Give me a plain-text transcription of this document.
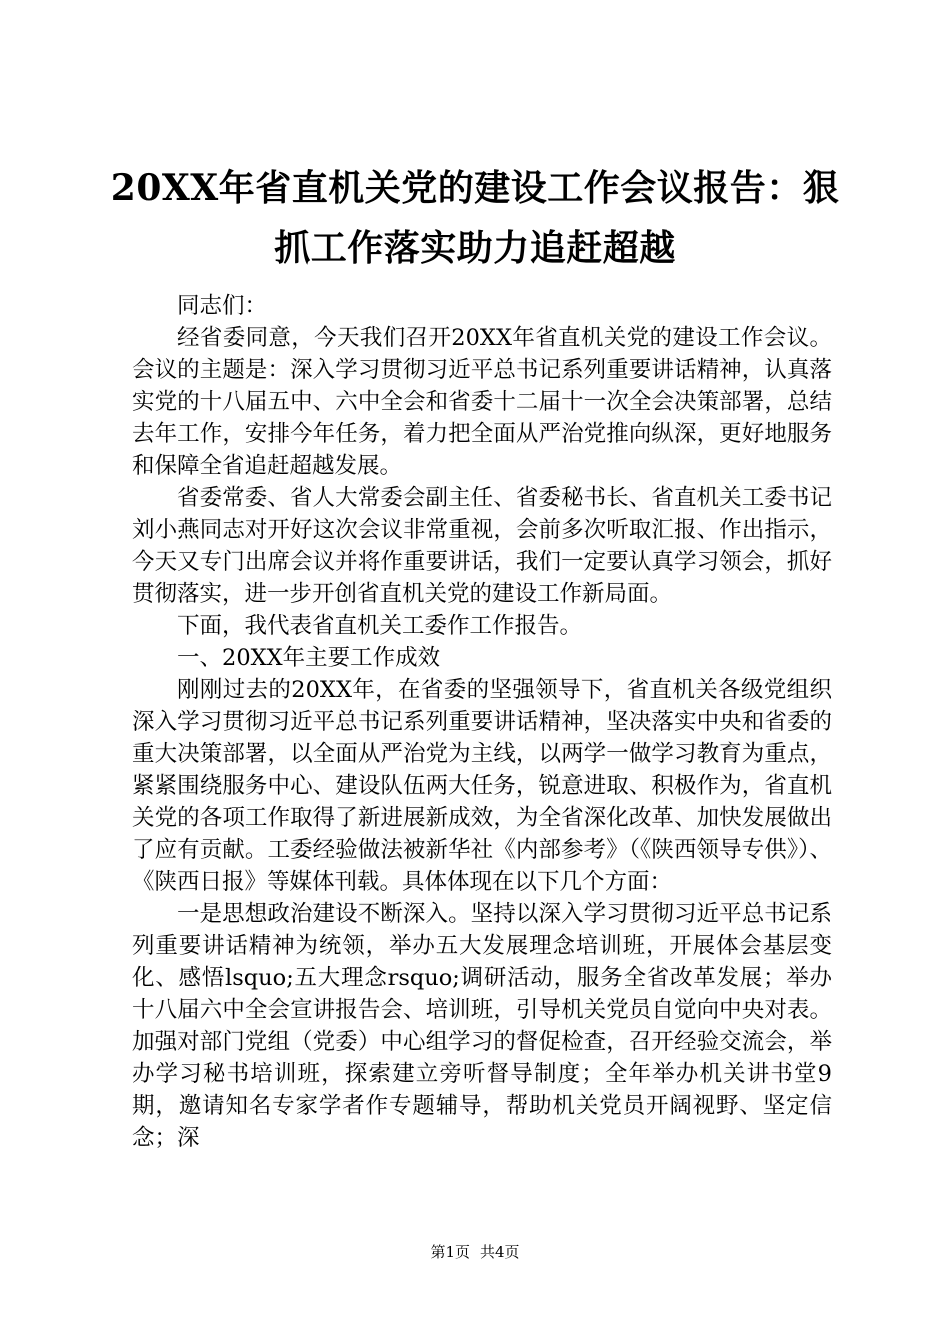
20XX年省直机关党的建设工作会议报告：狠抓工作落实助力追赶超越

同志们：

经省委同意，今天我们召开20XX年省直机关党的建设工作会议。会议的主题是：深入学习贯彻习近平总书记系列重要讲话精神，认真落实党的十八届五中、六中全会和省委十二届十一次全会决策部署，总结去年工作，安排今年任务，着力把全面从严治党推向纵深，更好地服务和保障全省追赶超越发展。

省委常委、省人大常委会副主任、省委秘书长、省直机关工委书记刘小燕同志对开好这次会议非常重视，会前多次听取汇报、作出指示，今天又专门出席会议并将作重要讲话，我们一定要认真学习领会，抓好贯彻落实，进一步开创省直机关党的建设工作新局面。

下面，我代表省直机关工委作工作报告。

一、20XX年主要工作成效

刚刚过去的20XX年，在省委的坚强领导下，省直机关各级党组织深入学习贯彻习近平总书记系列重要讲话精神，坚决落实中央和省委的重大决策部署，以全面从严治党为主线，以两学一做学习教育为重点，紧紧围绕服务中心、建设队伍两大任务，锐意进取、积极作为，省直机关党的各项工作取得了新进展新成效，为全省深化改革、加快发展做出了应有贡献。工委经验做法被新华社《内部参考》（《陕西领导专供》）、《陕西日报》等媒体刊载。具体体现在以下几个方面：

一是思想政治建设不断深入。坚持以深入学习贯彻习近平总书记系列重要讲话精神为统领，举办五大发展理念培训班，开展体会基层变化、感悟lsquo;五大理念rsquo;调研活动，服务全省改革发展；举办十八届六中全会宣讲报告会、培训班，引导机关党员自觉向中央对表。加强对部门党组（党委）中心组学习的督促检查，召开经验交流会，举办学习秘书培训班，探索建立旁听督导制度；全年举办机关讲书堂9期，邀请知名专家学者作专题辅导，帮助机关党员开阔视野、坚定信念；深

第1页 共4页
